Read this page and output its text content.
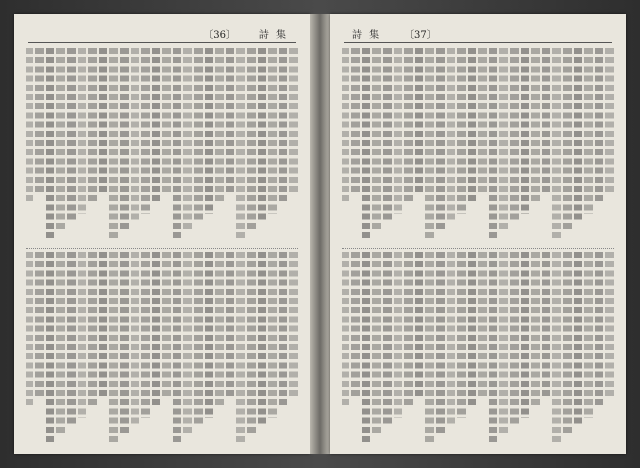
〔36〕 詩 集	詩 集 〔37〕
